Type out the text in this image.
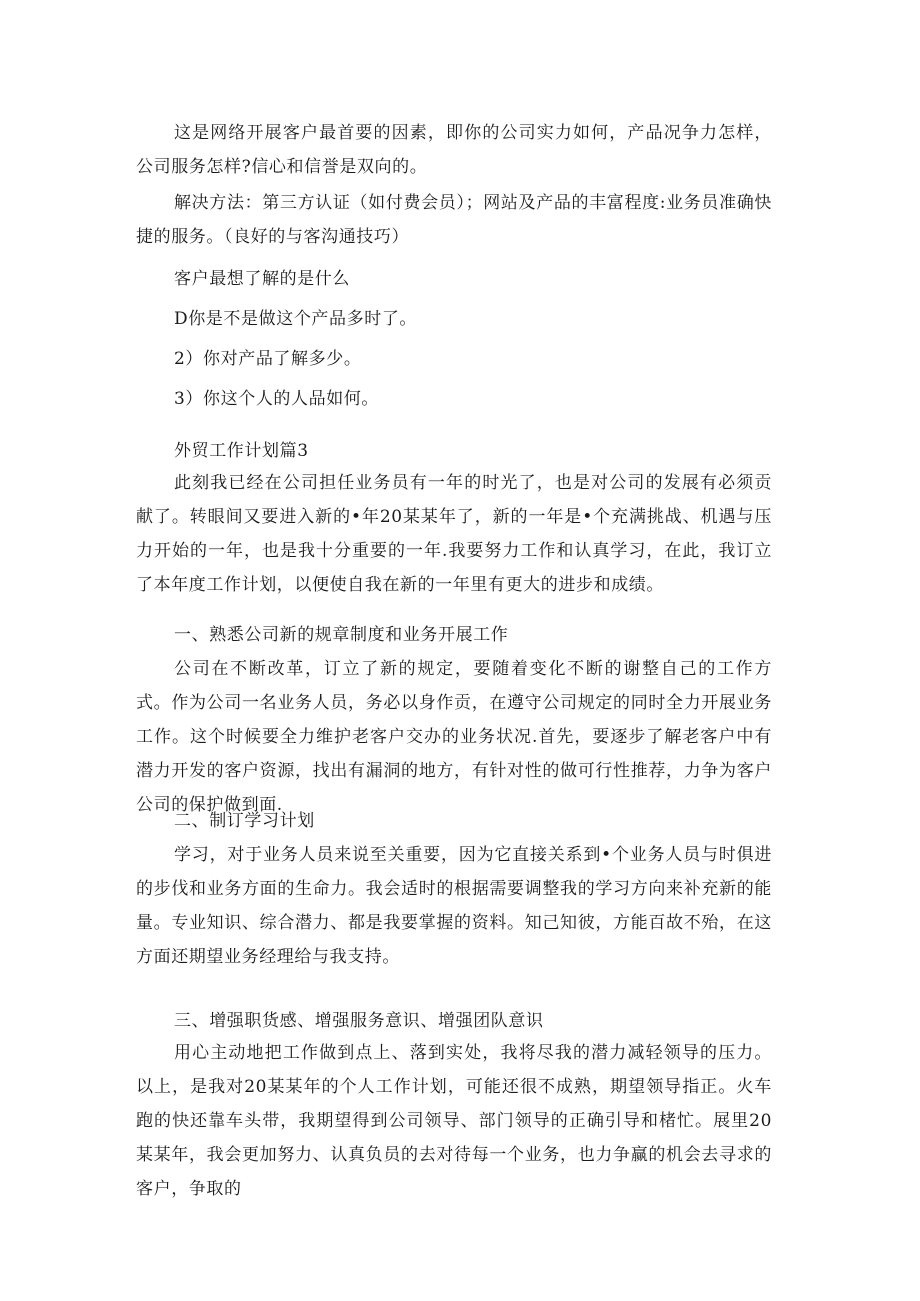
这是网络开展客户最首要的因素，即你的公司实力如何，产品况争力怎样，公司服务怎样?信心和信誉是双向的。

解决方法：第三方认证（如付费会员）；网站及产品的丰富程度:业务员准确快捷的服务。（良好的与客沟通技巧）

客户最想了解的是什么

D你是不是做这个产品多时了。

2）你对产品了解多少。

3）你这个人的人品如何。

外贸工作计划篇3

此刻我已经在公司担任业务员有一年的时光了，也是对公司的发展有必须贡献了。转眼间又要进入新的•年20某某年了，新的一年是•个充满挑战、机遇与压力开始的一年，也是我十分重要的一年.我要努力工作和认真学习，在此，我订立了本年度工作计划，以便使自我在新的一年里有更大的进步和成绩。

一、熟悉公司新的规章制度和业务开展工作

公司在不断改革，订立了新的规定，要随着变化不断的谢整自己的工作方式。作为公司一名业务人员，务必以身作贡，在遵守公司规定的同时全力开展业务工作。这个时候要全力维护老客户交办的业务状况.首先，要逐步了解老客户中有潜力开发的客户资源，找出有漏洞的地方，有针对性的做可行性推荐，力争为客户公司的保护做到面.

二、制订学习计划

学习，对于业务人员来说至关重要，因为它直接关系到•个业务人员与时俱进的步伐和业务方面的生命力。我会适时的根据需要调整我的学习方向来补充新的能量。专业知识、综合潜力、都是我要掌握的资料。知己知彼，方能百故不殆，在这方面还期望业务经理给与我支持。

三、增强职货感、增强服务意识、增强团队意识

用心主动地把工作做到点上、落到实处，我将尽我的潜力减轻领导的压力。以上，是我对20某某年的个人工作计划，可能还很不成熟，期望领导指正。火车跑的快还靠车头带，我期望得到公司领导、部门领导的正确引导和楮忙。展里20某某年，我会更加努力、认真负员的去对待每一个业务，也力争赢的机会去寻求的客户，争取的
